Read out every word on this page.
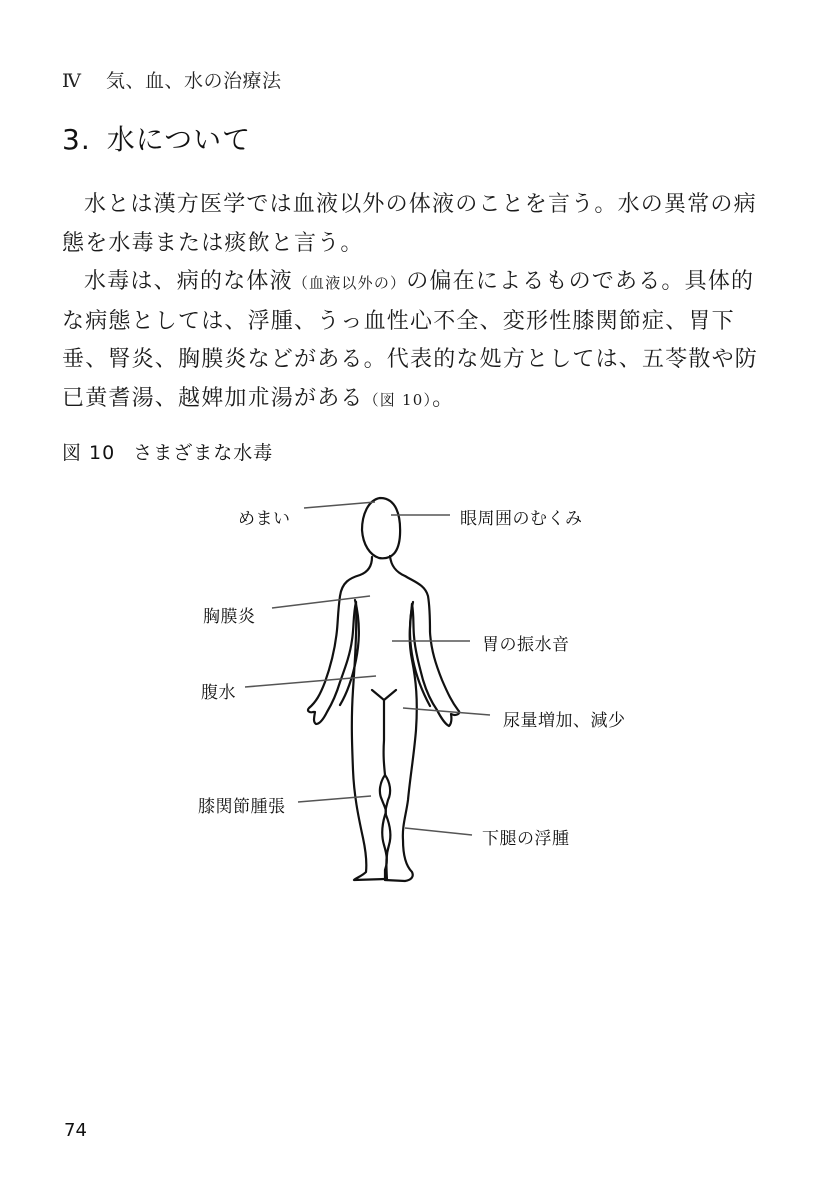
Ⅳ 気、血、水の治療法
3. 水について

水とは漢方医学では血液以外の体液のことを言う。水の異常の病態を水毒または痰飲と言う。

水毒は、病的な体液（血液以外の）の偏在によるものである。具体的な病態としては、浮腫、うっ血性心不全、変形性膝関節症、胃下垂、腎炎、胸膜炎などがある。代表的な処方としては、五苓散や防已黄耆湯、越婢加朮湯がある（図 10）。

図 10 さまざまな水毒
めまい	眼周囲のむくみ
胸膜炎
胃の振水音
腹水
尿量増加、減少
膝関節腫張
下腿の浮腫
74
